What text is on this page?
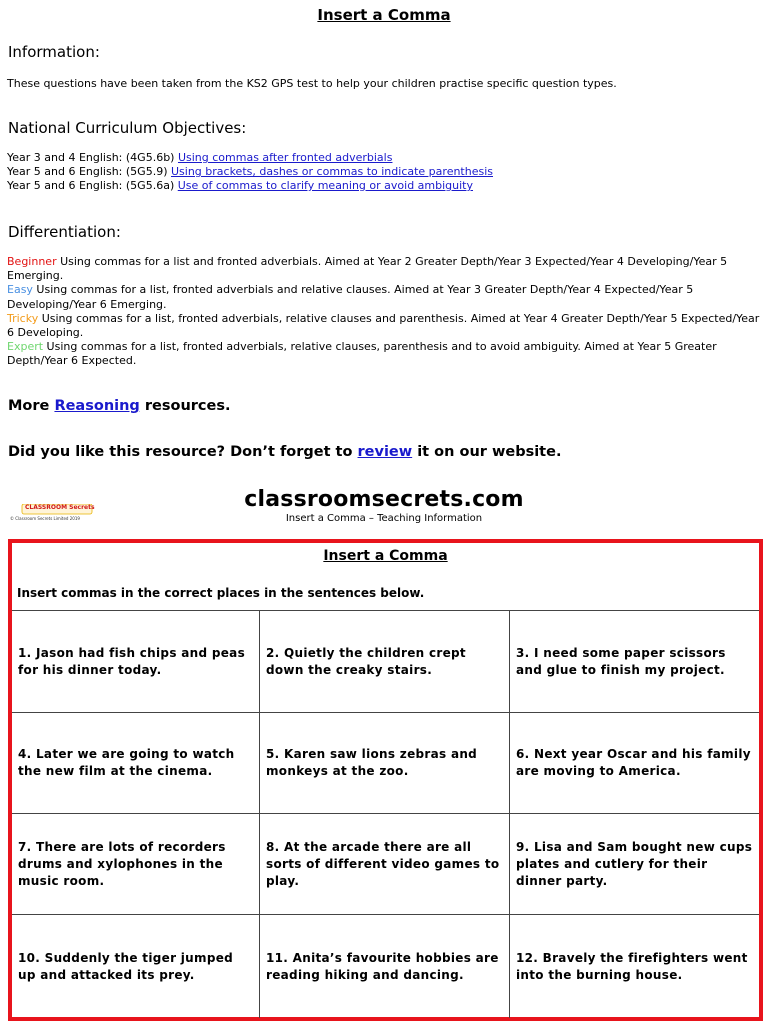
Insert a Comma
Information:
These questions have been taken from the KS2 GPS test to help your children practise specific question types.
National Curriculum Objectives:

Year 3 and 4 English: (4G5.6b) Using commas after fronted adverbials

Year 5 and 6 English: (5G5.9) Using brackets, dashes or commas to indicate parenthesis

Year 5 and 6 English: (5G5.6a) Use of commas to clarify meaning or avoid ambiguity

Differentiation:

Beginner Using commas for a list and fronted adverbials. Aimed at Year 2 Greater Depth/Year 3 Expected/Year 4 Developing/Year 5 Emerging.

Easy Using commas for a list, fronted adverbials and relative clauses. Aimed at Year 3 Greater Depth/Year 4 Expected/Year 5 Developing/Year 6 Emerging.

Tricky Using commas for a list, fronted adverbials, relative clauses and parenthesis. Aimed at Year 4 Greater Depth/Year 5 Expected/Year 6 Developing.

Expert Using commas for a list, fronted adverbials, relative clauses, parenthesis and to avoid ambiguity. Aimed at Year 5 Greater Depth/Year 6 Expected.

More Reasoning resources.
Did you like this resource? Don’t forget to review it on our website.
CLASSROOM Secrets
© Classroom Secrets Limited 2019
classroomsecrets.com
Insert a Comma – Teaching Information
Insert a Comma
Insert commas in the correct places in the sentences below.
1. Jason had fish chips and peas for his dinner today.
2. Quietly the children crept down the creaky stairs.
3. I need some paper scissors and glue to finish my project.
4. Later we are going to watch the new film at the cinema.
5. Karen saw lions zebras and monkeys at the zoo.
6. Next year Oscar and his family are moving to America.
7. There are lots of recorders drums and xylophones in the music room.
8. At the arcade there are all sorts of different video games to play.
9. Lisa and Sam bought new cups plates and cutlery for their dinner party.
10. Suddenly the tiger jumped up and attacked its prey.
11. Anita’s favourite hobbies are reading hiking and dancing.
12. Bravely the firefighters went into the burning house.
